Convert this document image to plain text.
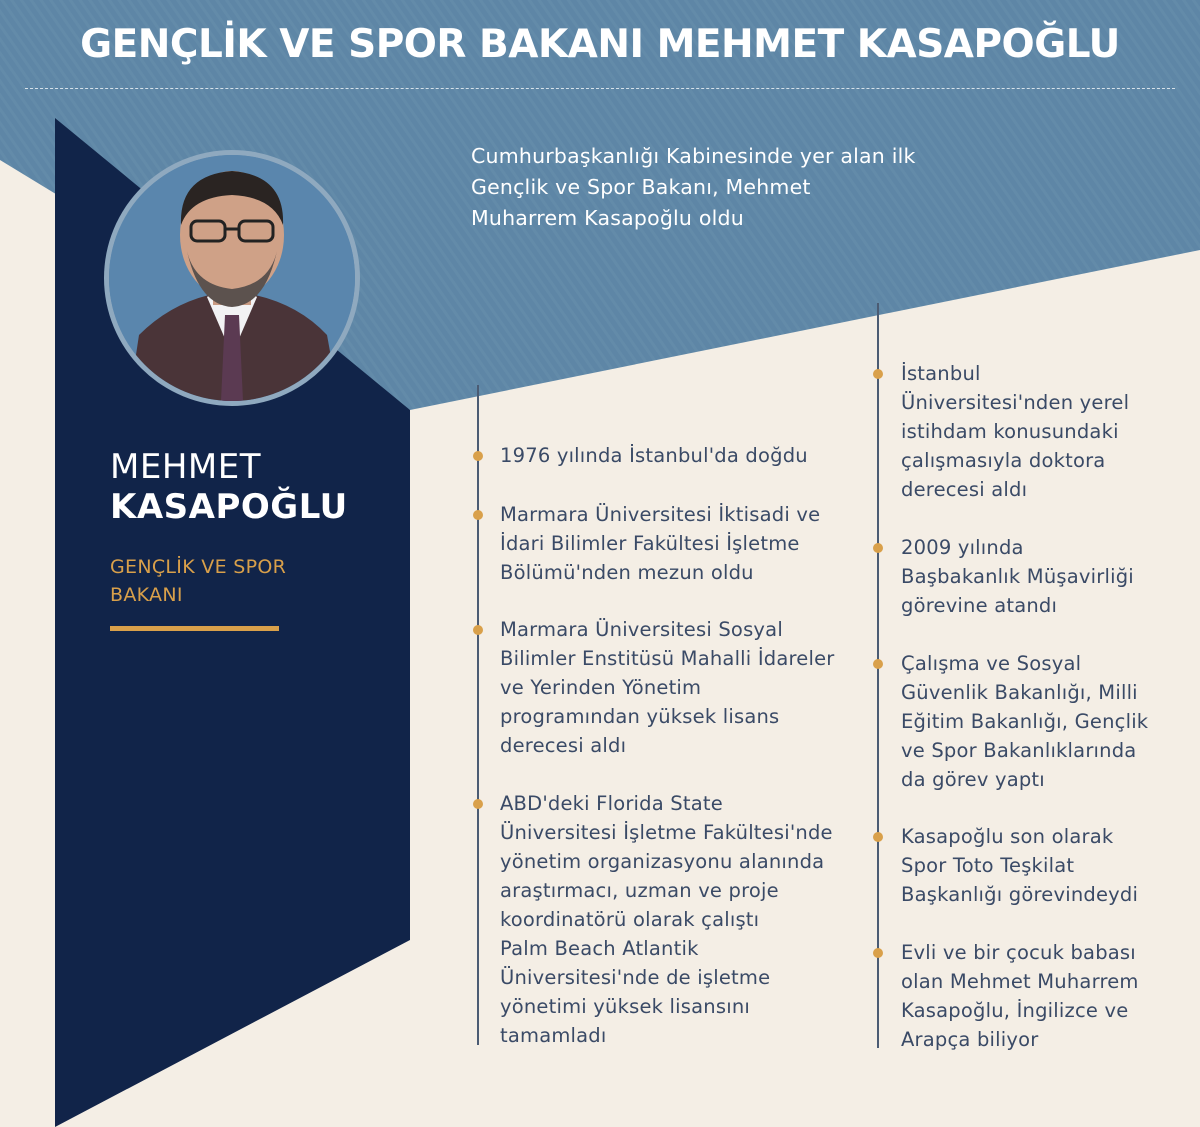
GENÇLİK VE SPOR BAKANI MEHMET KASAPOĞLU
Cumhurbaşkanlığı Kabinesinde yer alan ilk
Gençlik ve Spor Bakanı, Mehmet
Muharrem Kasapoğlu oldu
MEHMET
KASAPOĞLU
GENÇLİK VE SPOR
BAKANI
1976 yılında İstanbul'da doğdu
Marmara Üniversitesi İktisadi ve
İdari Bilimler Fakültesi İşletme
Bölümü'nden mezun oldu
Marmara Üniversitesi Sosyal
Bilimler Enstitüsü Mahalli İdareler
ve Yerinden Yönetim
programından yüksek lisans
derecesi aldı
ABD'deki Florida State
Üniversitesi İşletme Fakültesi'nde
yönetim organizasyonu alanında
araştırmacı, uzman ve proje
koordinatörü olarak çalıştı
Palm Beach Atlantik
Üniversitesi'nde de işletme
yönetimi yüksek lisansını
tamamladı
İstanbul
Üniversitesi'nden yerel
istihdam konusundaki
çalışmasıyla doktora
derecesi aldı
2009 yılında
Başbakanlık Müşavirliği
görevine atandı
Çalışma ve Sosyal
Güvenlik Bakanlığı, Milli
Eğitim Bakanlığı, Gençlik
ve Spor Bakanlıklarında
da görev yaptı
Kasapoğlu son olarak
Spor Toto Teşkilat
Başkanlığı görevindeydi
Evli ve bir çocuk babası
olan Mehmet Muharrem
Kasapoğlu, İngilizce ve
Arapça biliyor
